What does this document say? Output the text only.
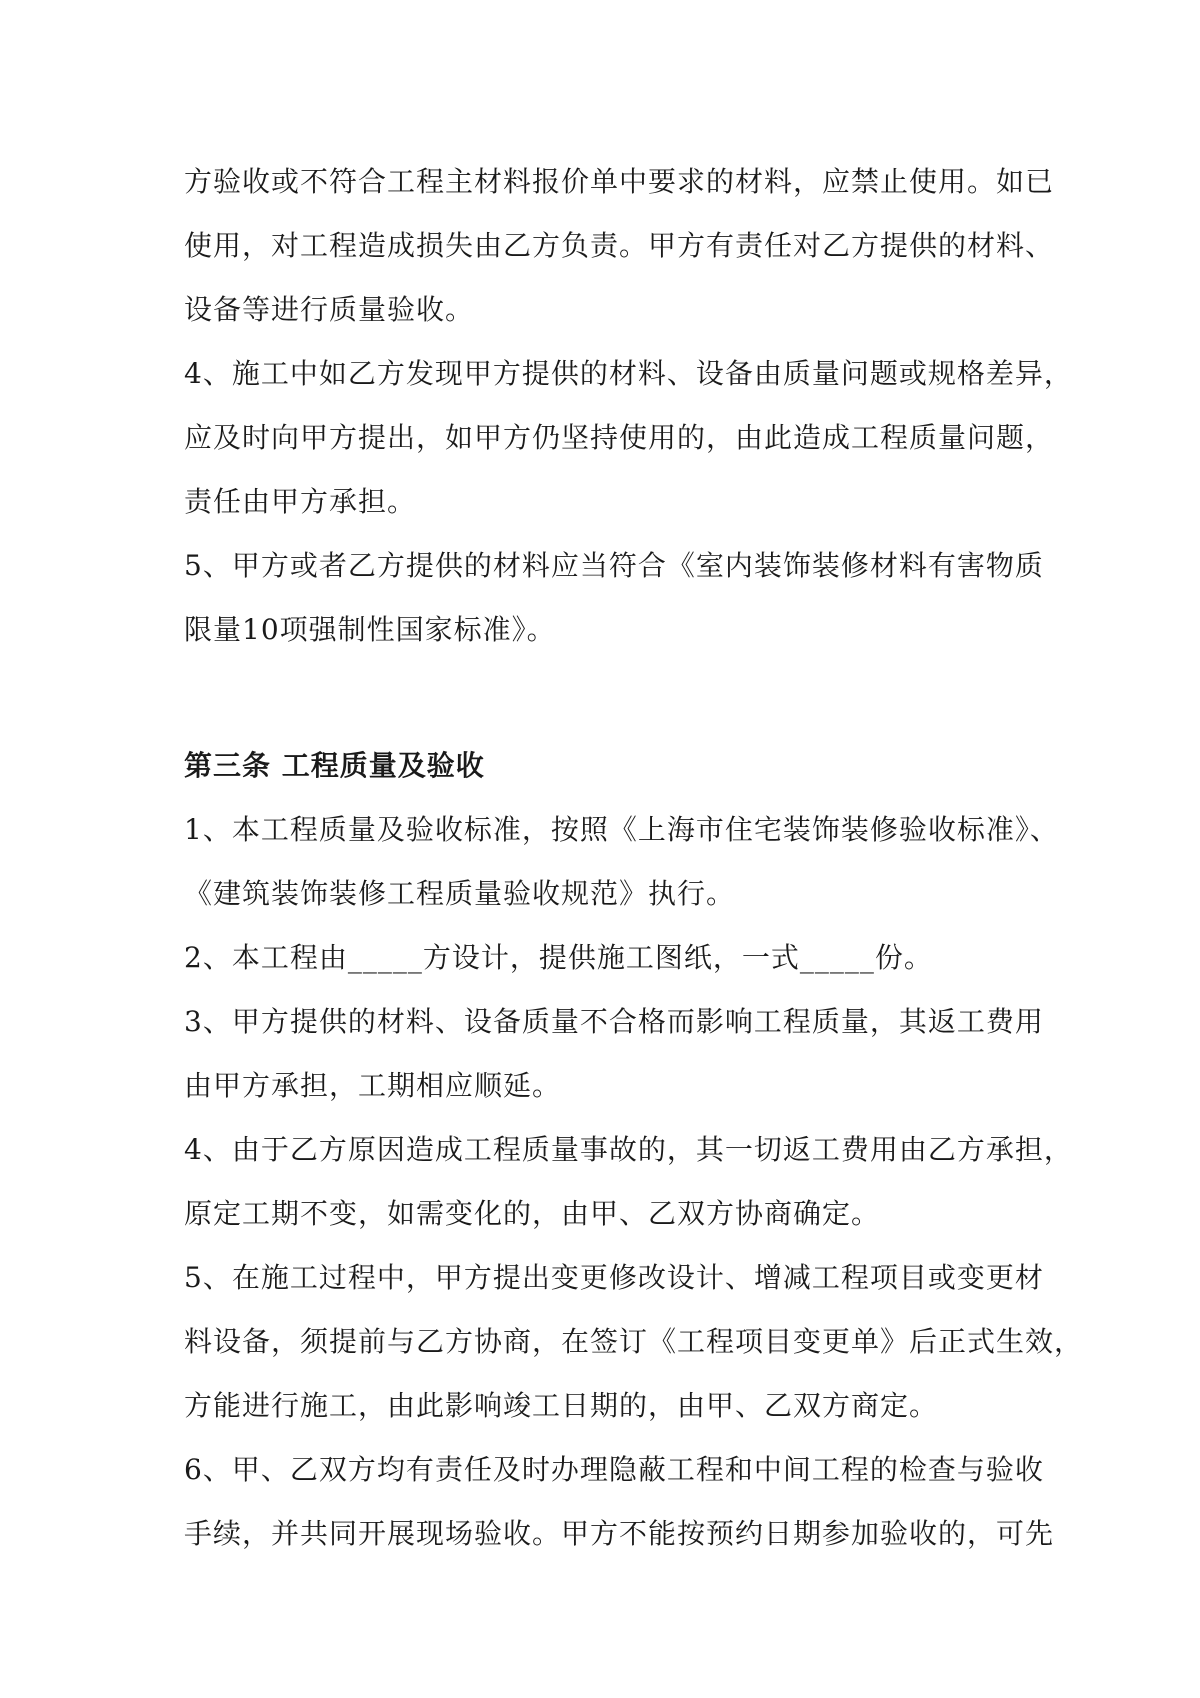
方验收或不符合工程主材料报价单中要求的材料，应禁止使用。如已
使用，对工程造成损失由乙方负责。甲方有责任对乙方提供的材料、
设备等进行质量验收。

4、施工中如乙方发现甲方提供的材料、设备由质量问题或规格差异，
应及时向甲方提出，如甲方仍坚持使用的，由此造成工程质量问题，
责任由甲方承担。

5、甲方或者乙方提供的材料应当符合《室内装饰装修材料有害物质
限量10项强制性国家标准》。

第三条 工程质量及验收

1、本工程质量及验收标准，按照《上海市住宅装饰装修验收标准》、
《建筑装饰装修工程质量验收规范》执行。

2、本工程由_____方设计，提供施工图纸，一式_____份。

3、甲方提供的材料、设备质量不合格而影响工程质量，其返工费用
由甲方承担，工期相应顺延。

4、由于乙方原因造成工程质量事故的，其一切返工费用由乙方承担，
原定工期不变，如需变化的，由甲、乙双方协商确定。

5、在施工过程中，甲方提出变更修改设计、增减工程项目或变更材
料设备，须提前与乙方协商，在签订《工程项目变更单》后正式生效，
方能进行施工，由此影响竣工日期的，由甲、乙双方商定。

6、甲、乙双方均有责任及时办理隐蔽工程和中间工程的检查与验收
手续，并共同开展现场验收。甲方不能按预约日期参加验收的，可先
